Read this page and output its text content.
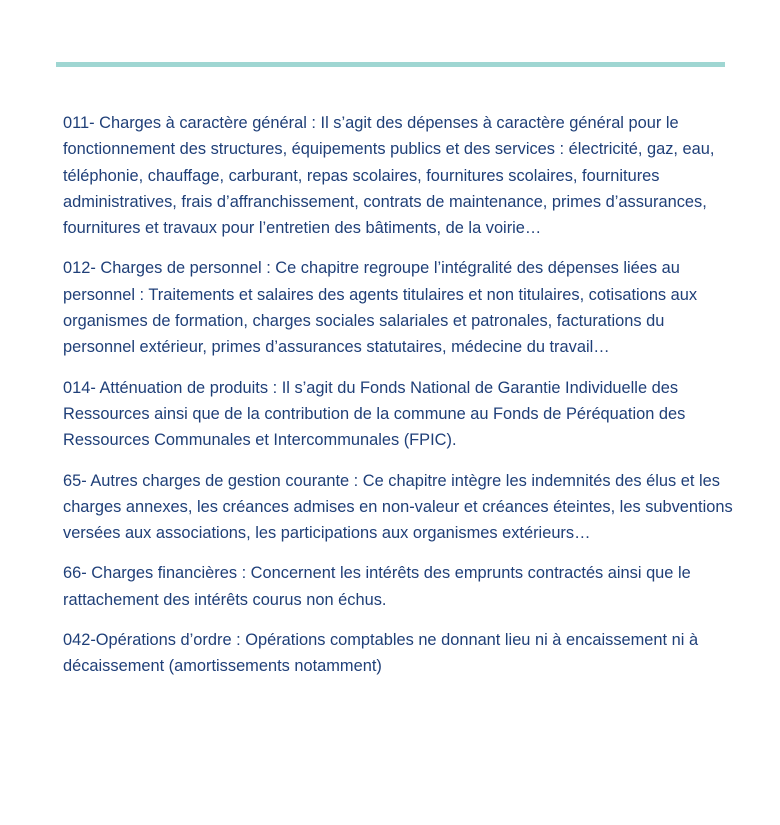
011- Charges à caractère général : Il s’agit des dépenses à caractère général pour le fonctionnement des structures, équipements publics et des services : électricité, gaz, eau, téléphonie, chauffage, carburant, repas scolaires, fournitures scolaires, fournitures administratives, frais d’affranchissement, contrats de maintenance, primes d’assurances, fournitures et travaux pour l’entretien des bâtiments, de la voirie…

012- Charges de personnel : Ce chapitre regroupe l’intégralité des dépenses liées au personnel : Traitements et salaires des agents titulaires et non titulaires, cotisations aux organismes de formation, charges sociales salariales et patronales, facturations du personnel extérieur, primes d’assurances statutaires, médecine du travail…

014- Atténuation de produits : Il s’agit du Fonds National de Garantie Individuelle des Ressources ainsi que de la contribution de la commune au Fonds de Péréquation des Ressources Communales et Intercommunales (FPIC).

65- Autres charges de gestion courante : Ce chapitre intègre les indemnités des élus et les charges annexes, les créances admises en non-valeur et créances éteintes, les subventions versées aux associations, les participations aux organismes extérieurs…

66- Charges financières : Concernent les intérêts des emprunts contractés ainsi que le rattachement des intérêts courus non échus.

042-Opérations d’ordre : Opérations comptables ne donnant lieu ni à encaissement ni à décaissement (amortissements notamment)
